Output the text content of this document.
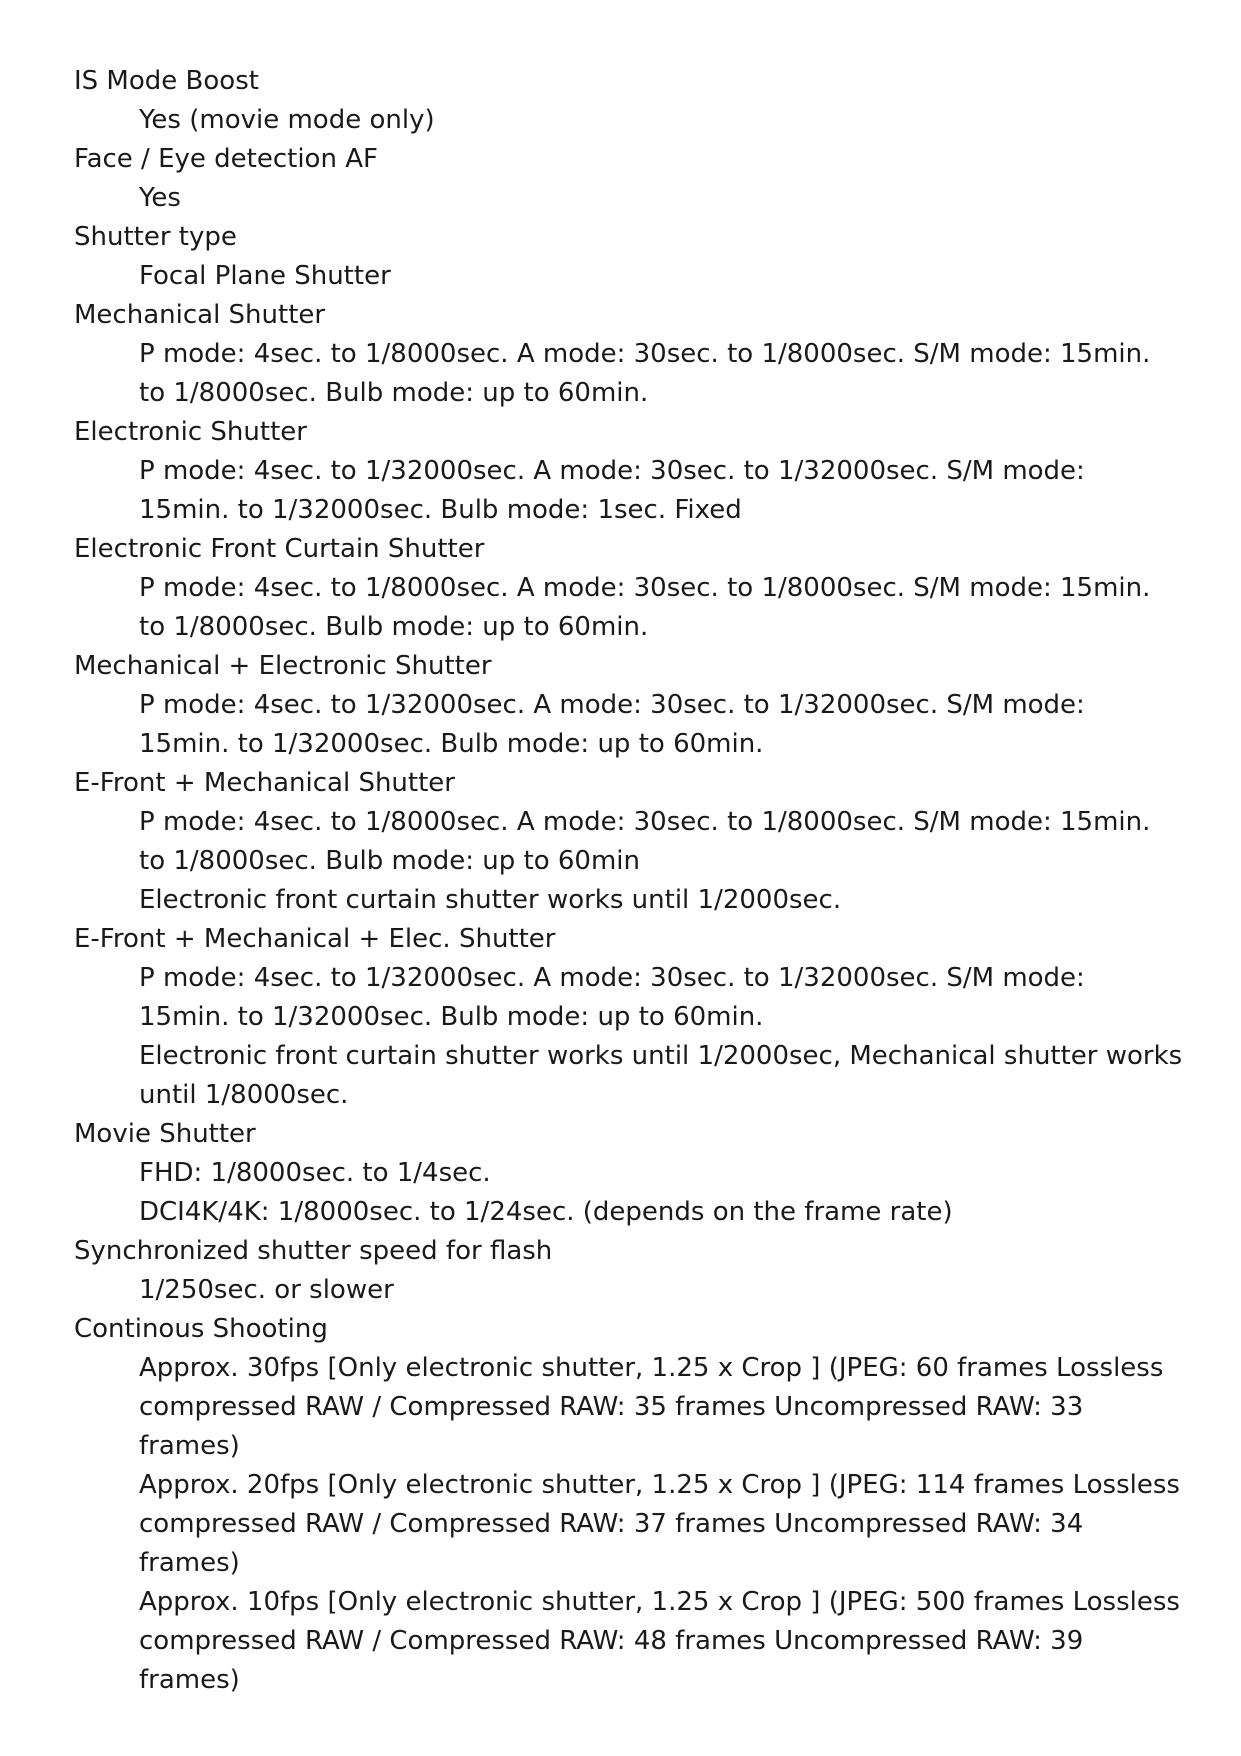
IS Mode Boost

Yes (movie mode only)

Face / Eye detection AF

Yes

Shutter type

Focal Plane Shutter

Mechanical Shutter

P mode: 4sec. to 1/8000sec. A mode: 30sec. to 1/8000sec. S/M mode: 15min.

to 1/8000sec. Bulb mode: up to 60min.

Electronic Shutter

P mode: 4sec. to 1/32000sec. A mode: 30sec. to 1/32000sec. S/M mode:

15min. to 1/32000sec. Bulb mode: 1sec. Fixed

Electronic Front Curtain Shutter

P mode: 4sec. to 1/8000sec. A mode: 30sec. to 1/8000sec. S/M mode: 15min.

to 1/8000sec. Bulb mode: up to 60min.

Mechanical + Electronic Shutter

P mode: 4sec. to 1/32000sec. A mode: 30sec. to 1/32000sec. S/M mode:

15min. to 1/32000sec. Bulb mode: up to 60min.

E-Front + Mechanical Shutter

P mode: 4sec. to 1/8000sec. A mode: 30sec. to 1/8000sec. S/M mode: 15min.

to 1/8000sec. Bulb mode: up to 60min

Electronic front curtain shutter works until 1/2000sec.

E-Front + Mechanical + Elec. Shutter

P mode: 4sec. to 1/32000sec. A mode: 30sec. to 1/32000sec. S/M mode:

15min. to 1/32000sec. Bulb mode: up to 60min.

Electronic front curtain shutter works until 1/2000sec, Mechanical shutter works

until 1/8000sec.

Movie Shutter

FHD: 1/8000sec. to 1/4sec.

DCI4K/4K: 1/8000sec. to 1/24sec. (depends on the frame rate)

Synchronized shutter speed for flash

1/250sec. or slower

Continous Shooting

Approx. 30fps [Only electronic shutter, 1.25 x Crop ] (JPEG: 60 frames Lossless

compressed RAW / Compressed RAW: 35 frames Uncompressed RAW: 33

frames)

Approx. 20fps [Only electronic shutter, 1.25 x Crop ] (JPEG: 114 frames Lossless

compressed RAW / Compressed RAW: 37 frames Uncompressed RAW: 34

frames)

Approx. 10fps [Only electronic shutter, 1.25 x Crop ] (JPEG: 500 frames Lossless

compressed RAW / Compressed RAW: 48 frames Uncompressed RAW: 39

frames)
